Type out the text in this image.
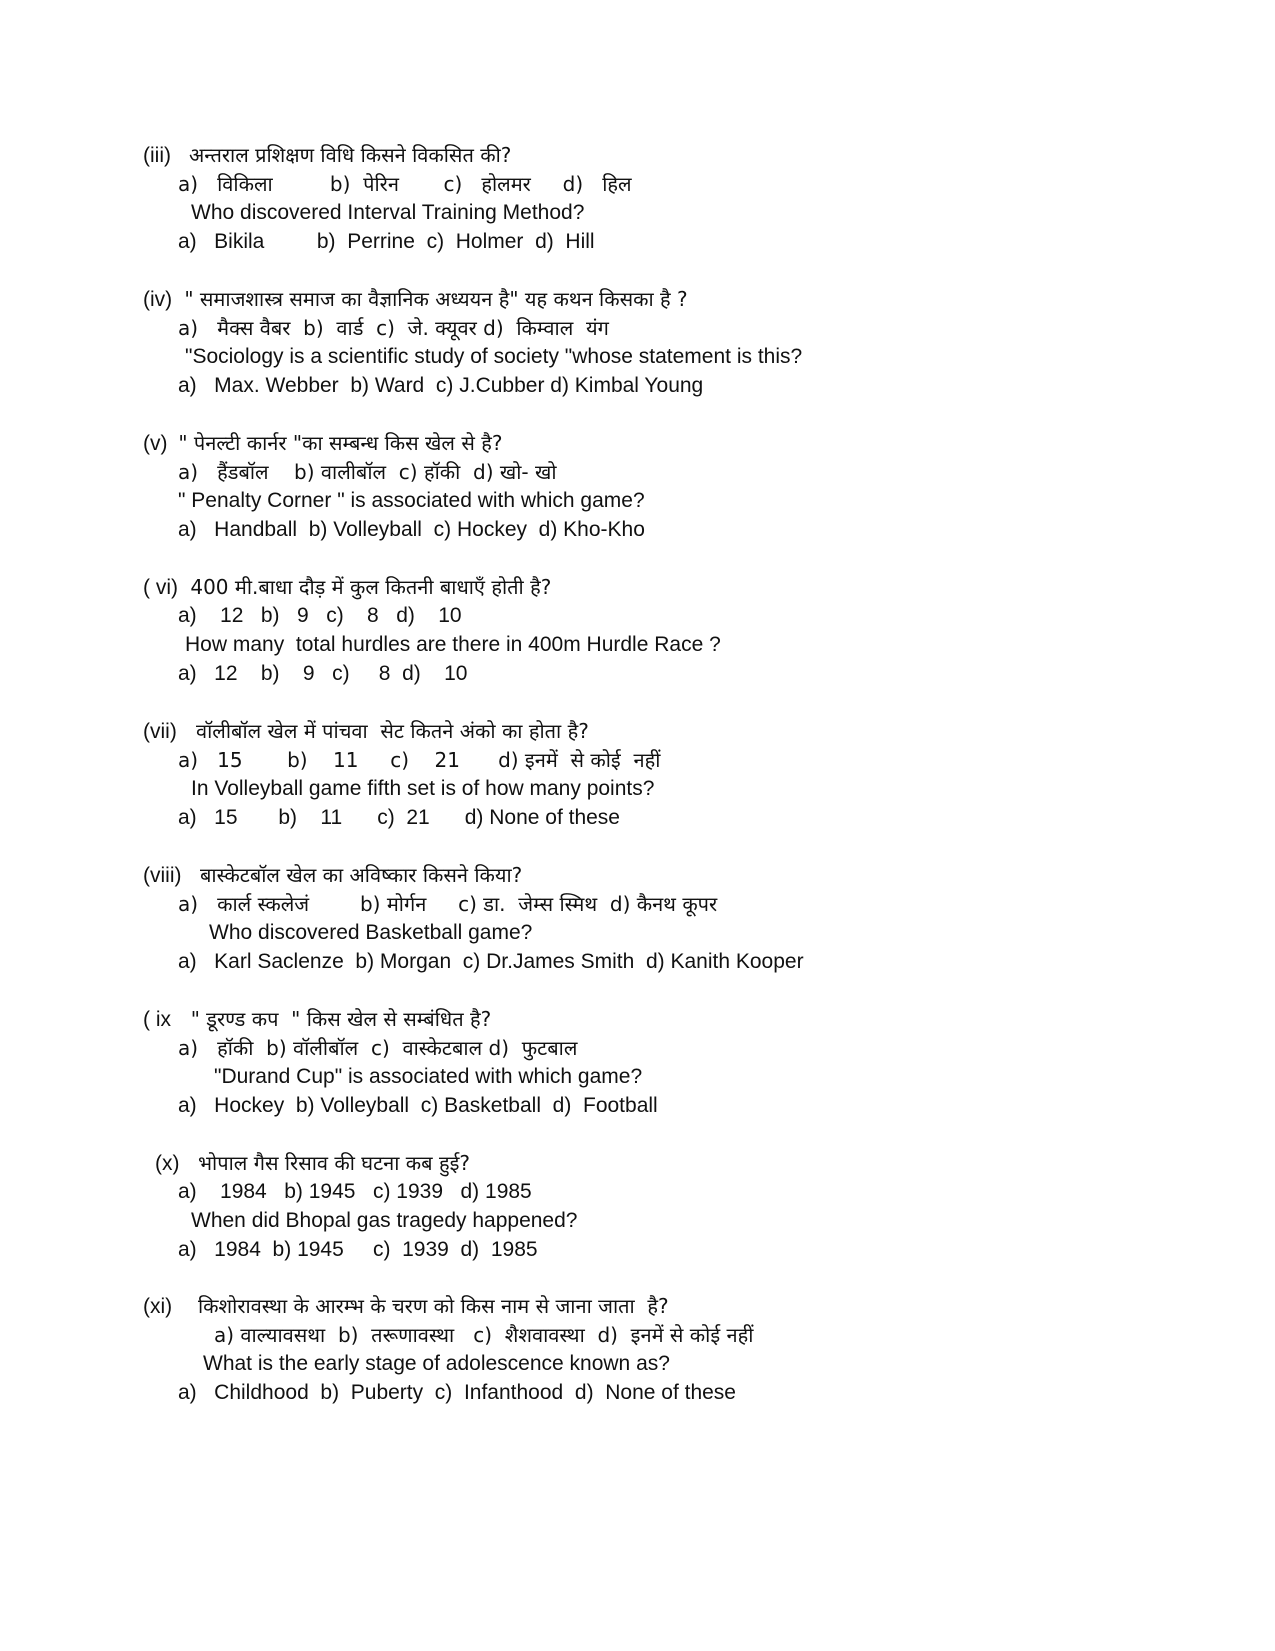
(iii) अन्तराल प्रशिक्षण विधि किसने विकसित की?
a)   विकिला         b)  पेरिन       c)   होलमर     d)   हिल
Who discovered Interval Training Method?
a)   Bikila         b)  Perrine  c)  Holmer  d)  Hill
(iv) " समाजशास्त्र समाज का वैज्ञानिक अध्ययन है" यह कथन किसका है ?
a)   मैक्स वैबर  b)  वार्ड  c)  जे. क्यूवर d)  किम्वाल  यंग
"Sociology is a scientific study of society "whose statement is this?
a)   Max. Webber  b) Ward  c) J.Cubber d) Kimbal Young
(v) " पेनल्टी कार्नर "का सम्बन्ध किस खेल से है?
a)   हैंडबॉल    b) वालीबॉल  c) हॉकी  d) खो- खो
" Penalty Corner " is associated with which game?
a)   Handball  b) Volleyball  c) Hockey  d) Kho-Kho
( vi) 400 मी.बाधा दौड़ में कुल कितनी बाधाएँ होती है?
a)    12   b)   9   c)    8   d)    10
How many  total hurdles are there in 400m Hurdle Race ?
a)   12    b)    9   c)     8  d)    10
(vii) वॉलीबॉल खेल में पांचवा  सेट कितने अंको का होता है?
a)   15       b)    11     c)    21      d) इनमें  से कोई  नहीं
In Volleyball game fifth set is of how many points?
a)   15       b)    11      c)  21      d) None of these
(viii) बास्केटबॉल खेल का अविष्कार किसने किया?
a)   कार्ल स्कलेजं        b) मोर्गन     c) डा.  जेम्स स्मिथ  d) कैनथ कूपर
Who discovered Basketball game?
a)   Karl Saclenze  b) Morgan  c) Dr.James Smith  d) Kanith Kooper
( ix " डूरण्ड कप  " किस खेल से सम्बंधित है?
a)   हॉकी  b) वॉलीबॉल  c)  वास्केटबाल d)  फुटबाल
"Durand Cup" is associated with which game?
a)   Hockey  b) Volleyball  c) Basketball  d)  Football
(x) भोपाल गैस रिसाव की घटना कब हुई?
a)    1984   b) 1945   c) 1939   d) 1985
When did Bhopal gas tragedy happened?
a)   1984  b) 1945     c)  1939  d)  1985
(xi) किशोरावस्था के आरम्भ के चरण को किस नाम से जाना जाता  है?
a) वाल्यावसथा  b)  तरूणावस्था   c)  शैशवावस्था  d)  इनमें से कोई नहीं
What is the early stage of adolescence known as?
a)   Childhood  b)  Puberty  c)  Infanthood  d)  None of these
